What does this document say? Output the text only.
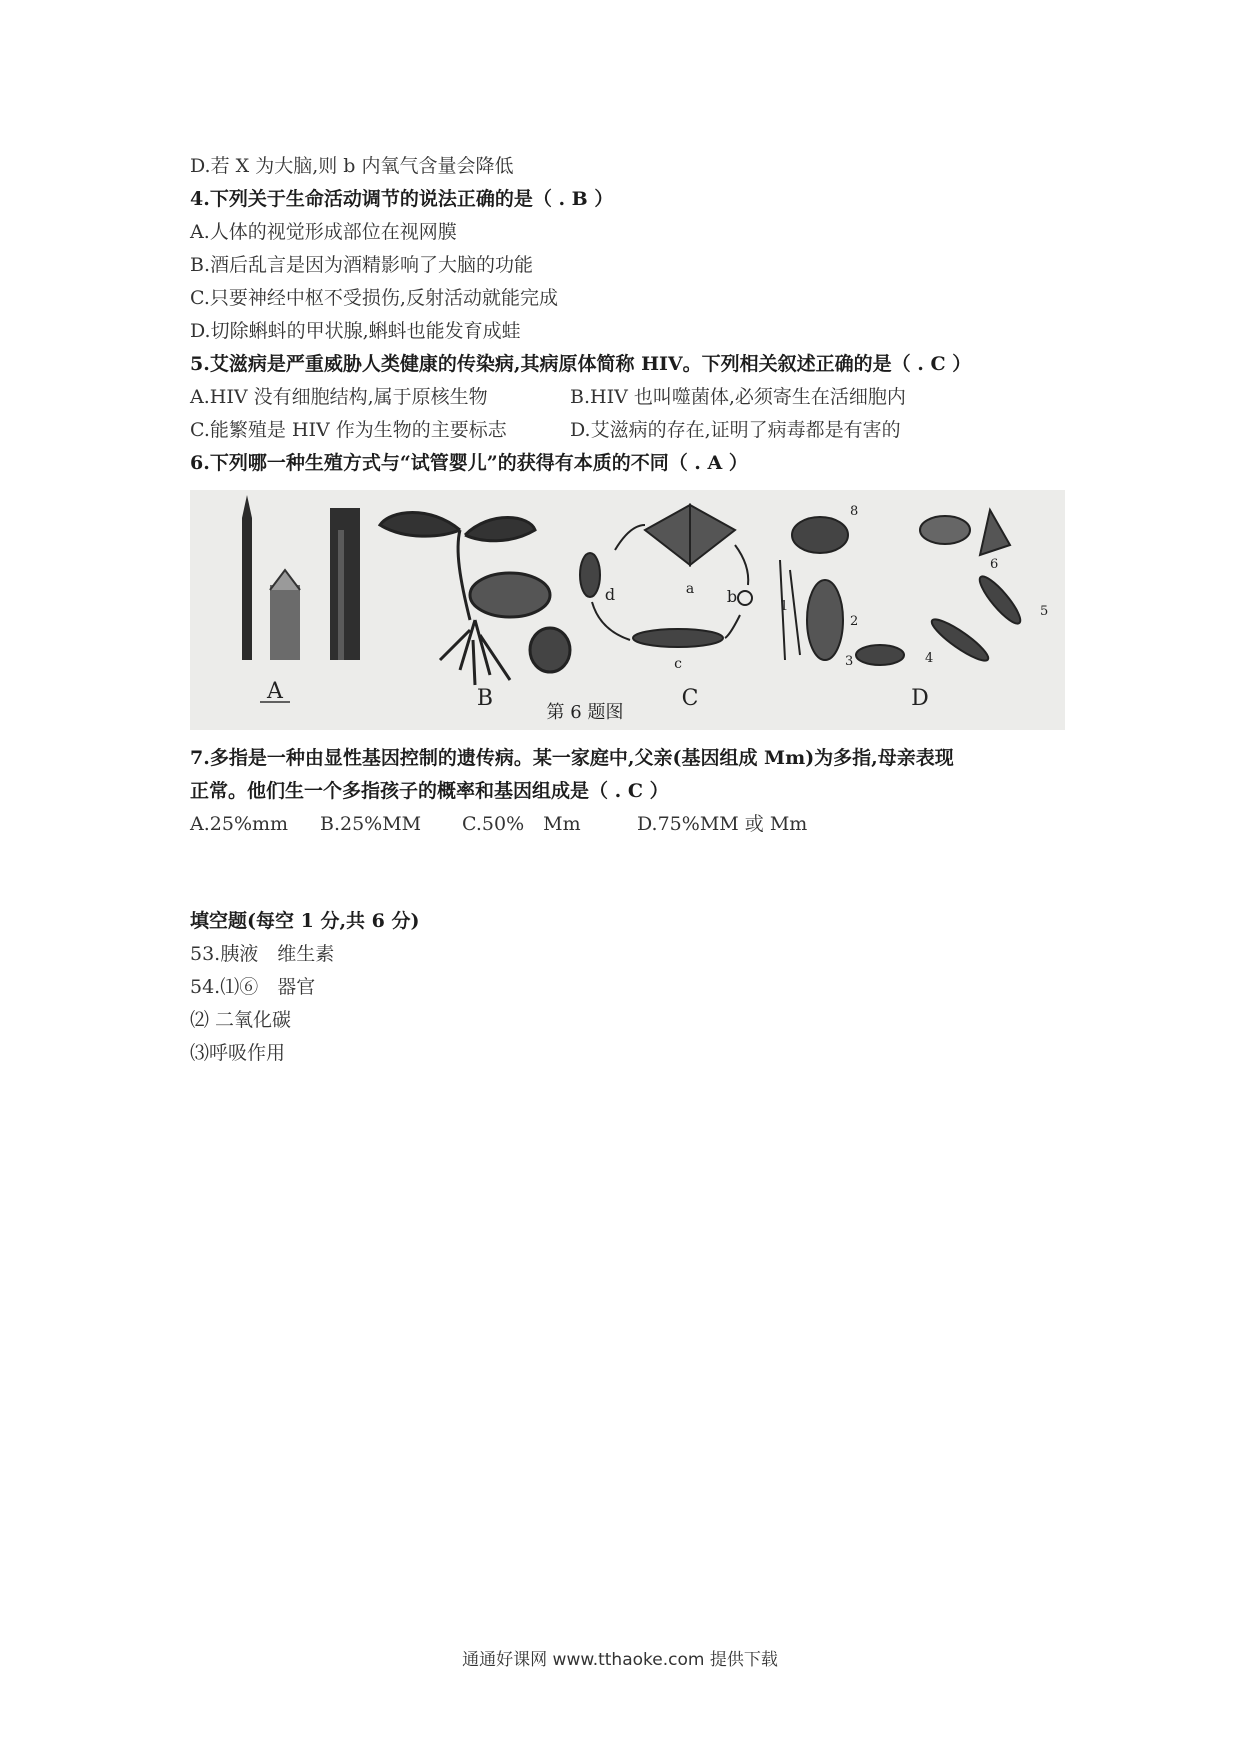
D.若 X 为大脑,则 b 内氧气含量会降低
4.下列关于生命活动调节的说法正确的是（ . B ）
A.人体的视觉形成部位在视网膜
B.酒后乱言是因为酒精影响了大脑的功能
C.只要神经中枢不受损伤,反射活动就能完成
D.切除蝌蚪的甲状腺,蝌蚪也能发育成蛙
5.艾滋病是严重威胁人类健康的传染病,其病原体简称 HIV。下列相关叙述正确的是（ . C ）
A.HIV 没有细胞结构,属于原核生物	B.HIV 也叫噬菌体,必须寄生在活细胞内
C.能繁殖是 HIV 作为生物的主要标志	D.艾滋病的存在,证明了病毒都是有害的
6.下列哪一种生殖方式与“试管婴儿”的获得有本质的不同（ . A ）
A	B
a b
c
d
C
1
2
3	4
5
6
8
D
第 6 题图
7.多指是一种由显性基因控制的遗传病。某一家庭中,父亲(基因组成 Mm)为多指,母亲表现
正常。他们生一个多指孩子的概率和基因组成是（ . C ）
A.25%mm	B.25%MM	C.50%　Mm	D.75%MM 或 Mm
填空题(每空 1 分,共 6 分)
53.胰液　维生素
54.⑴⑥　器官
⑵ 二氧化碳
⑶呼吸作用
通通好课网 www.tthaoke.com 提供下载
